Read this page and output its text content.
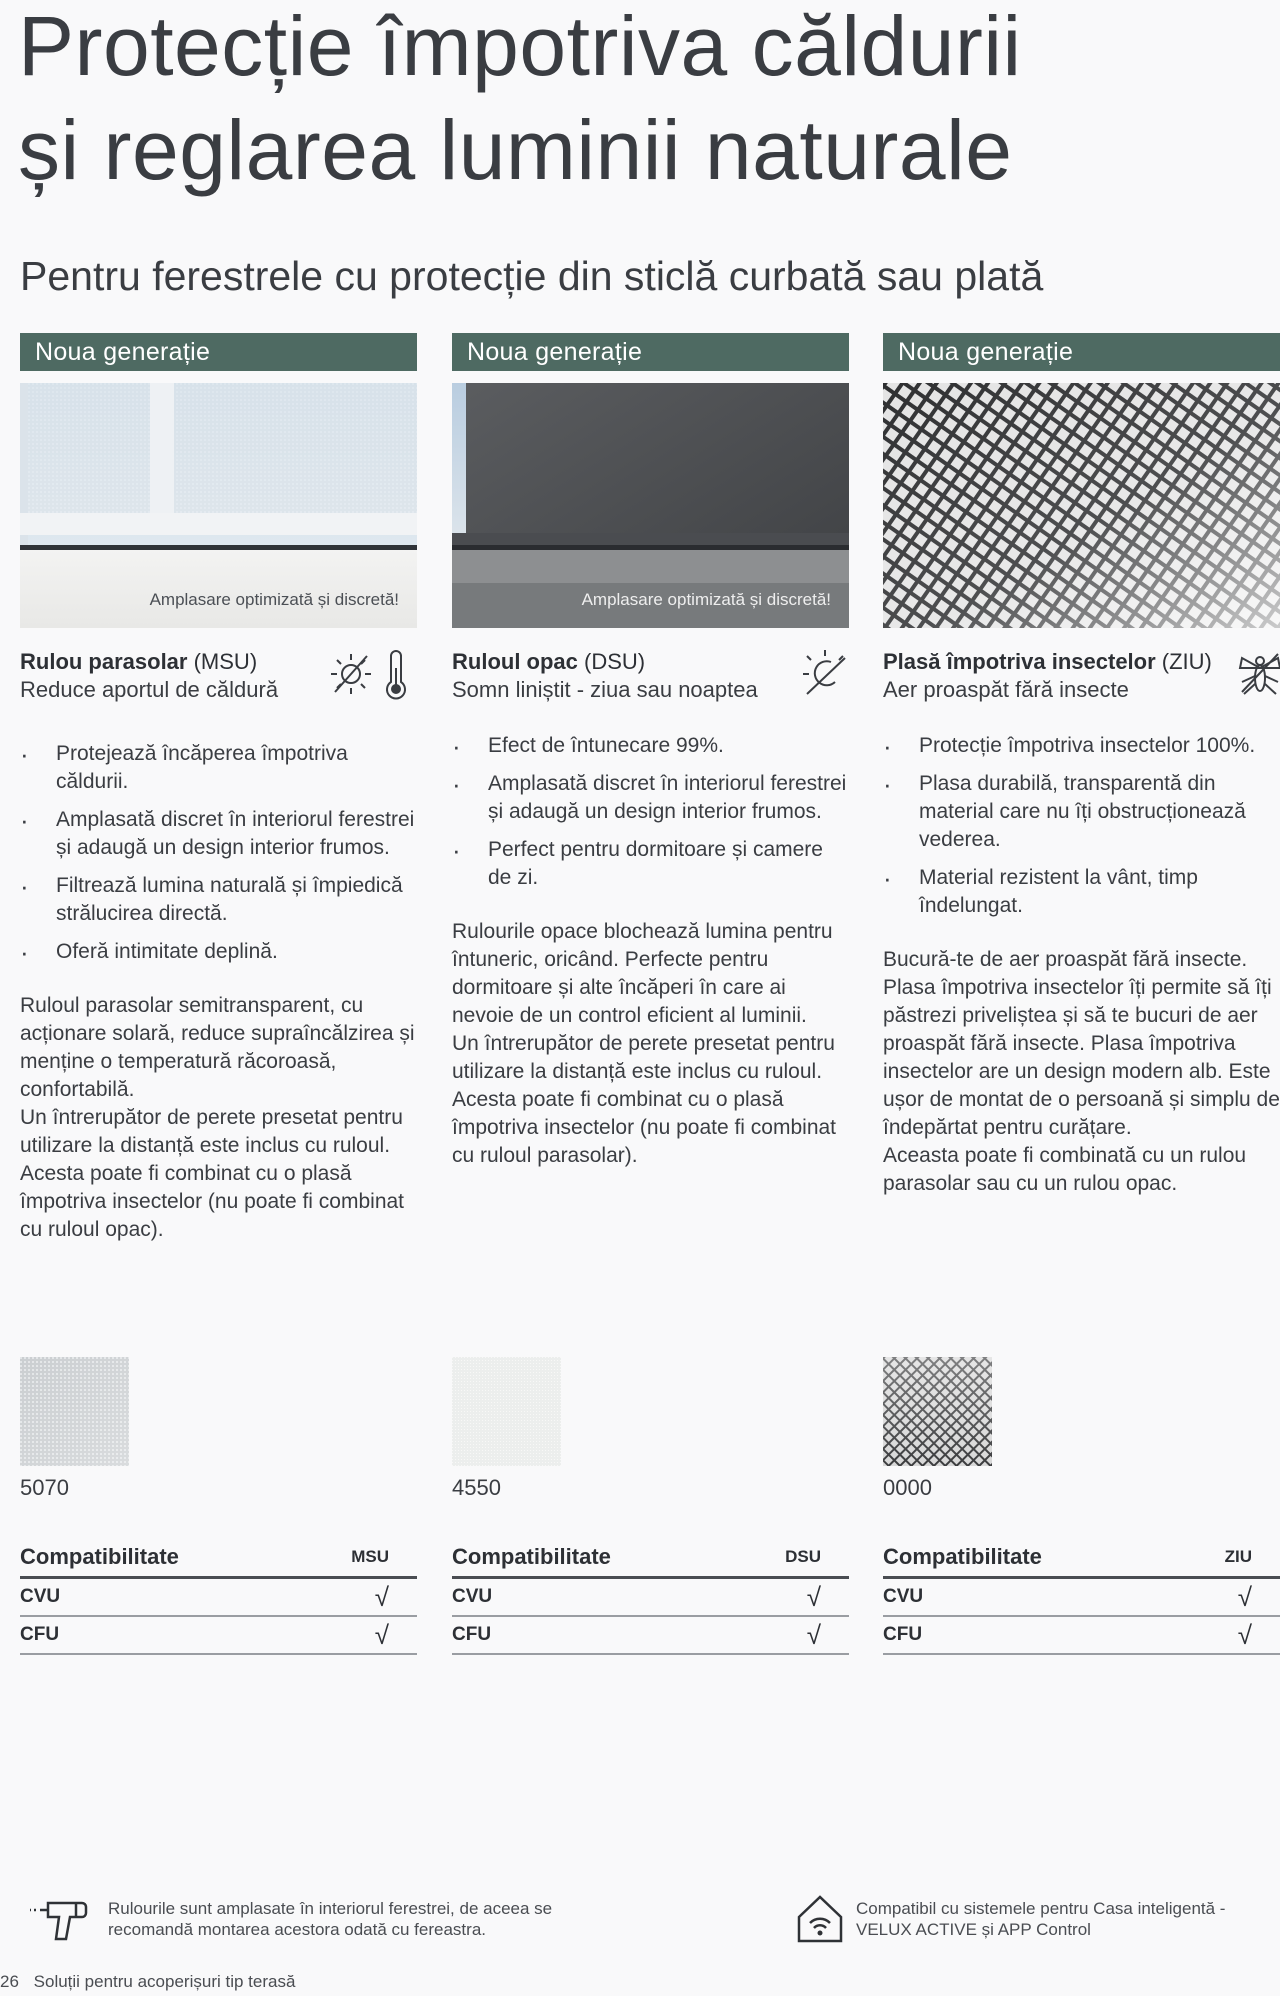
Protecție împotriva căldurii
și reglarea luminii naturale
Pentru ferestrele cu protecție din sticlă curbată sau plată
Noua generație
Amplasare optimizată și discretă!
Rulou parasolar (MSU)
Reduce aportul de căldură
· Protejează încăperea împotriva căldurii.
· Amplasată discret în interiorul ferestrei și adaugă un design interior frumos.
· Filtrează lumina naturală și împiedică strălucirea directă.
· Oferă intimitate deplină.
Ruloul parasolar semitransparent, cu acționare solară, reduce supraîncălzirea și menține o temperatură răcoroasă, confortabilă.
Un întrerupător de perete presetat pentru utilizare la distanță este inclus cu ruloul.
Acesta poate fi combinat cu o plasă împotriva insectelor (nu poate fi combinat cu ruloul opac).
Noua generație
Amplasare optimizată și discretă!
Ruloul opac (DSU)
Somn liniștit - ziua sau noaptea
· Efect de întunecare 99%.
· Amplasată discret în interiorul ferestrei și adaugă un design interior frumos.
· Perfect pentru dormitoare și camere de zi.
Rulourile opace blochează lumina pentru întuneric, oricând. Perfecte pentru dormitoare și alte încăperi în care ai nevoie de un control eficient al luminii.
Un întrerupător de perete presetat pentru utilizare la distanță este inclus cu ruloul.
Acesta poate fi combinat cu o plasă împotriva insectelor (nu poate fi combinat cu ruloul parasolar).
Noua generație
Plasă împotriva insectelor (ZIU)
Aer proaspăt fără insecte
· Protecție împotriva insectelor 100%.
· Plasa durabilă, transparentă din material care nu îți obstrucționează vederea.
· Material rezistent la vânt, timp îndelungat.
Bucură-te de aer proaspăt fără insecte. Plasa împotriva insectelor îți permite să îți păstrezi priveliștea și să te bucuri de aer proaspăt fără insecte. Plasa împotriva insectelor are un design modern alb. Este ușor de montat de o persoană și simplu de îndepărtat pentru curățare.
Aceasta poate fi combinată cu un rulou parasolar sau cu un rulou opac.
5070	4550	0000
Compatibilitate	MSU
CVU	√
CFU	√
Compatibilitate	DSU
CVU	√
CFU	√
Compatibilitate	ZIU
CVU	√
CFU	√
Rulourile sunt amplasate în interiorul ferestrei, de aceea se recomandă montarea acestora odată cu fereastra.
Compatibil cu sistemele pentru Casa inteligentă - VELUX ACTIVE și APP Control
26 Soluții pentru acoperișuri tip terasă
